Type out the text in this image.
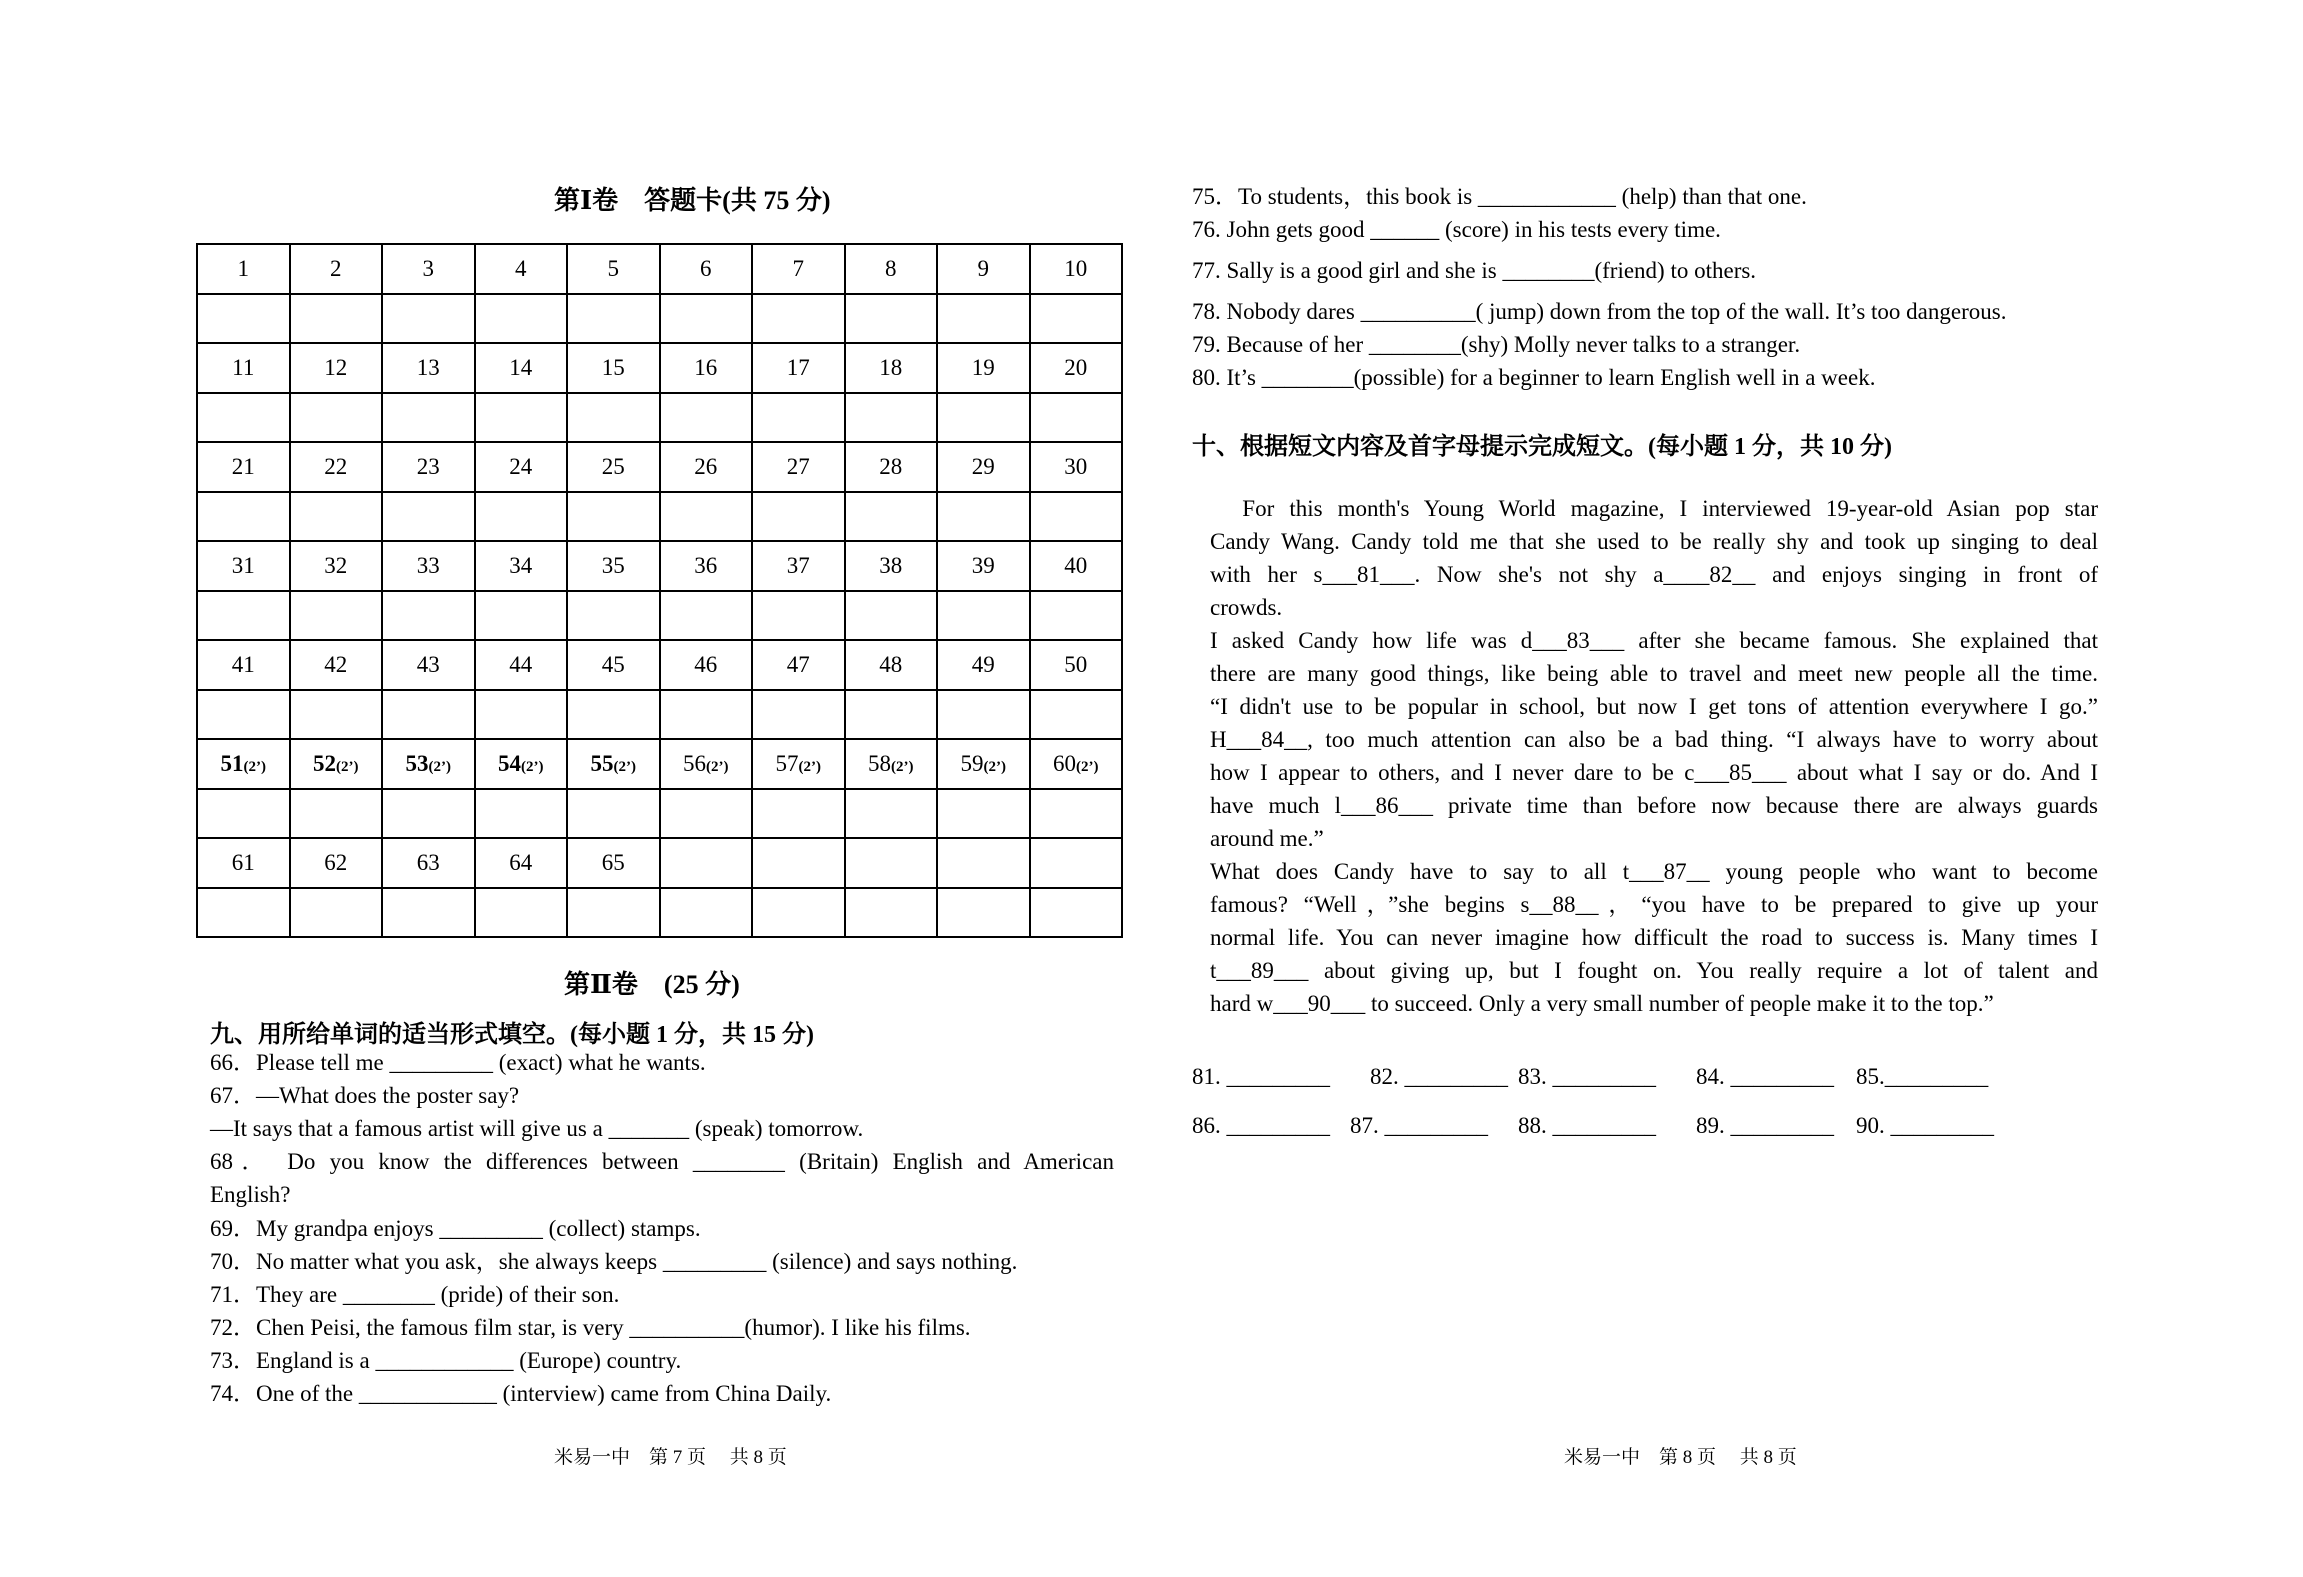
第Ⅰ卷　答题卡(共 75 分)
1	2	3	4	5	6	7	8	9	10

11	12	13	14	15	16	17	18	19	20

21	22	23	24	25	26	27	28	29	30

31	32	33	34	35	36	37	38	39	40

41	42	43	44	45	46	47	48	49	50

51(2’)	52(2’)	53(2’)	54(2’)	55(2’)	56(2’)	57(2’)	58(2’)	59(2’)	60(2’)

61	62	63	64	65					

第Ⅱ卷　(25 分)
九、用所给单词的适当形式填空。(每小题 1 分，共 15 分)
66．Please tell me _________ (exact) what he wants.
67．—What does the poster say?
—It says that a famous artist will give us a _______ (speak) tomorrow.
68． Do you know the differences between ________ (Britain) English and American
English?
69．My grandpa enjoys _________ (collect) stamps.
70．No matter what you ask，she always keeps _________ (silence) and says nothing.
71．They are ________ (pride) of their son.
72．Chen Peisi, the famous film star, is very __________(humor). I like his films.
73．England is a ____________ (Europe) country.
74．One of the ____________ (interview) came from China Daily.
米易一中　第 7 页　 共 8 页
75．To students，this book is ____________ (help) than that one.
76. John gets good ______ (score) in his tests every time.
77. Sally is a good girl and she is ________(friend) to others.
78. Nobody dares __________( jump) down from the top of the wall. It’s too dangerous.
79. Because of her ________(shy) Molly never talks to a stranger.
80. It’s ________(possible) for a beginner to learn English well in a week.
十、根据短文内容及首字母提示完成短文。(每小题 1 分，共 10 分)
　For this month's Young World magazine, I interviewed 19-year-old Asian pop star
Candy Wang. Candy told me that she used to be really shy and took up singing to deal
with her s___81___. Now she's not shy a____82__ and enjoys singing in front of
crowds.
I asked Candy how life was d___83___ after she became famous. She explained that
there are many good things, like being able to travel and meet new people all the time.
“I didn't use to be popular in school, but now I get tons of attention everywhere I go.”
H___84__, too much attention can also be a bad thing. “I always have to worry about
how I appear to others, and I never dare to be c___85___ about what I say or do. And I
have much l___86___ private time than before now because there are always guards
around me.”
What does Candy have to say to all t___87__ young people who want to become
famous? “Well，”she begins s__88__，“you have to be prepared to give up your
normal life. You can never imagine how difficult the road to success is. Many times I
t___89___ about giving up, but I fought on. You really require a lot of talent and
hard w___90___ to succeed. Only a very small number of people make it to the top.”
81. _________ 82. _________ 83. _________ 84. _________ 85._________
86. _________ 87. _________ 88. _________ 89. _________ 90. _________
米易一中　第 8 页　 共 8 页
